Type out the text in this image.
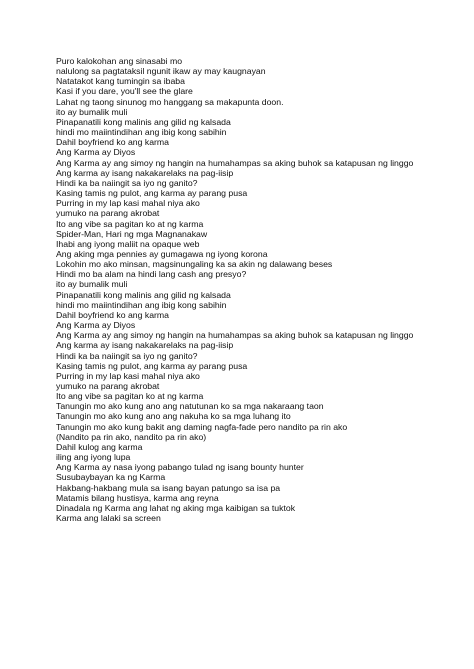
Puro kalokohan ang sinasabi mo
nalulong sa pagtataksil ngunit ikaw ay may kaugnayan
Natatakot kang tumingin sa ibaba
Kasi if you dare, you'll see the glare
Lahat ng taong sinunog mo hanggang sa makapunta doon.
ito ay bumalik muli
Pinapanatili kong malinis ang gilid ng kalsada
hindi mo maiintindihan ang ibig kong sabihin
Dahil boyfriend ko ang karma
Ang Karma ay Diyos
Ang Karma ay ang simoy ng hangin na humahampas sa aking buhok sa katapusan ng linggo
Ang karma ay isang nakakarelaks na pag-iisip
Hindi ka ba naiingit sa iyo ng ganito?
Kasing tamis ng pulot, ang karma ay parang pusa
Purring in my lap kasi mahal niya ako
yumuko na parang akrobat
Ito ang vibe sa pagitan ko at ng karma
Spider-Man, Hari ng mga Magnanakaw
Ihabi ang iyong maliit na opaque web
Ang aking mga pennies ay gumagawa ng iyong korona
Lokohin mo ako minsan, magsinungaling ka sa akin ng dalawang beses
Hindi mo ba alam na hindi lang cash ang presyo?
ito ay bumalik muli
Pinapanatili kong malinis ang gilid ng kalsada
hindi mo maiintindihan ang ibig kong sabihin
Dahil boyfriend ko ang karma
Ang Karma ay Diyos
Ang Karma ay ang simoy ng hangin na humahampas sa aking buhok sa katapusan ng linggo
Ang karma ay isang nakakarelaks na pag-iisip
Hindi ka ba naiingit sa iyo ng ganito?
Kasing tamis ng pulot, ang karma ay parang pusa
Purring in my lap kasi mahal niya ako
yumuko na parang akrobat
Ito ang vibe sa pagitan ko at ng karma
Tanungin mo ako kung ano ang natutunan ko sa mga nakaraang taon
Tanungin mo ako kung ano ang nakuha ko sa mga luhang ito
Tanungin mo ako kung bakit ang daming nagfa-fade pero nandito pa rin ako
(Nandito pa rin ako, nandito pa rin ako)
Dahil kulog ang karma
iling ang iyong lupa
Ang Karma ay nasa iyong pabango tulad ng isang bounty hunter
Susubaybayan ka ng Karma
Hakbang-hakbang mula sa isang bayan patungo sa isa pa
Matamis bilang hustisya, karma ang reyna
Dinadala ng Karma ang lahat ng aking mga kaibigan sa tuktok
Karma ang lalaki sa screen
